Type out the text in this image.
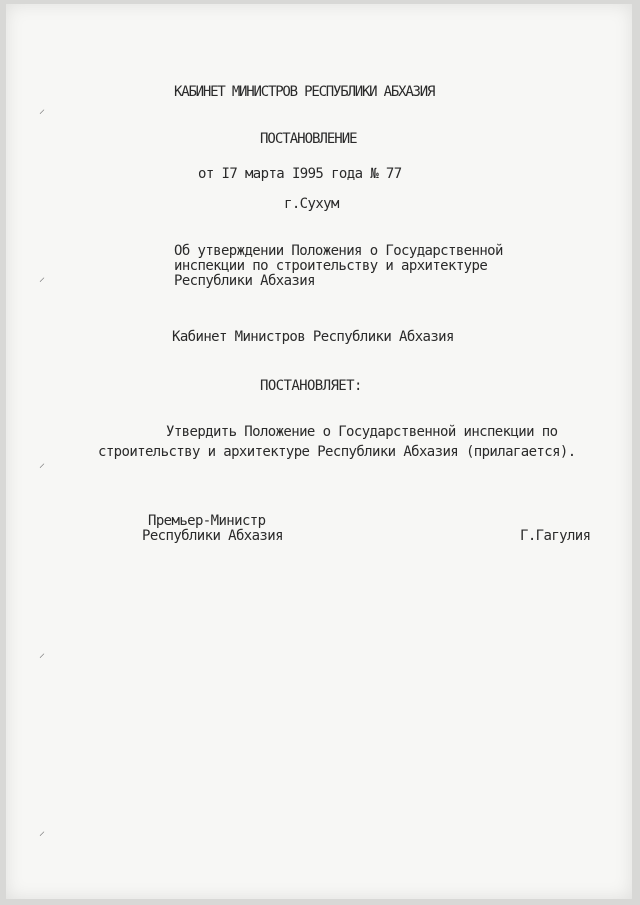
⸝
⸝
⸝
⸝
⸝
КАБИНЕТ МИНИСТРОВ РЕСПУБЛИКИ АБХАЗИЯ
ПОСТАНОВЛЕНИЕ
от I7 марта I995 года № 77
г.Сухум
Об утверждении Положения о Государственной
инспекции по строительству и архитектуре
Республики Абхазия
Кабинет Министров Республики Абхазия
ПОСТАНОВЛЯЕТ:
Утвердить Положение о Государственной инспекции по
строительству и архитектуре Республики Абхазия (прилагается).
Премьер-Министр
Республики Абхазия	Г.Гагулия
